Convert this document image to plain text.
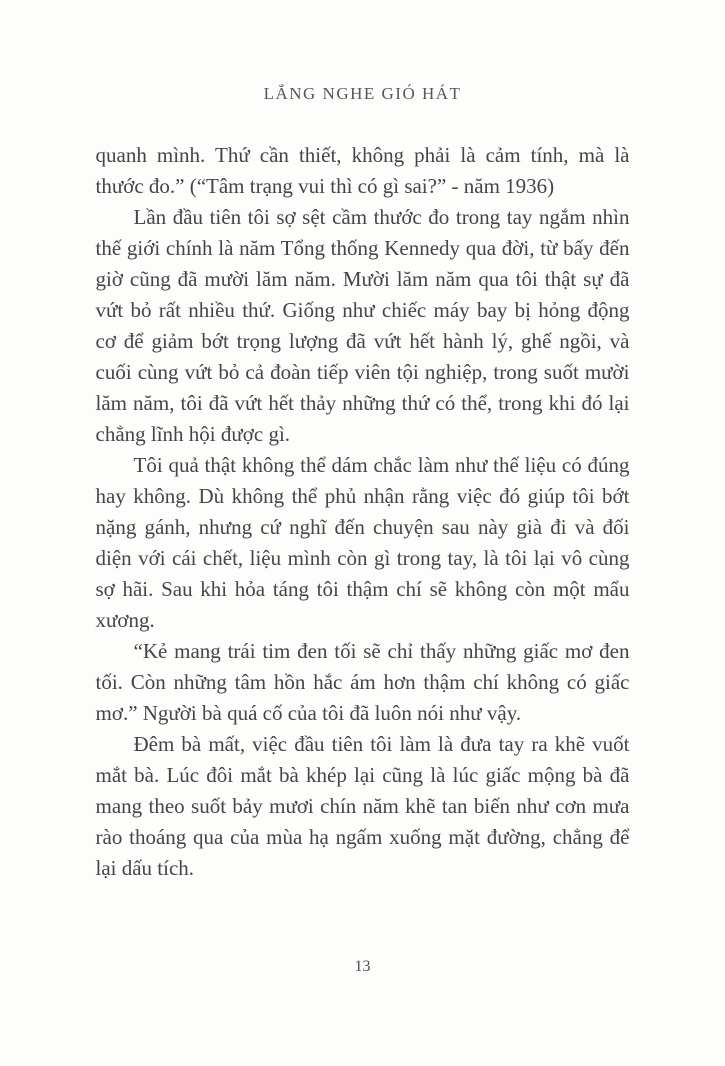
LẮNG NGHE GIÓ HÁT

quanh mình. Thứ cần thiết, không phải là cảm tính, mà là thước đo.” (“Tâm trạng vui thì có gì sai?” - năm 1936)

Lần đầu tiên tôi sợ sệt cầm thước đo trong tay ngắm nhìn thế giới chính là năm Tổng thống Kennedy qua đời, từ bấy đến giờ cũng đã mười lăm năm. Mười lăm năm qua tôi thật sự đã vứt bỏ rất nhiều thứ. Giống như chiếc máy bay bị hỏng động cơ để giảm bớt trọng lượng đã vứt hết hành lý, ghế ngồi, và cuối cùng vứt bỏ cả đoàn tiếp viên tội nghiệp, trong suốt mười lăm năm, tôi đã vứt hết thảy những thứ có thể, trong khi đó lại chẳng lĩnh hội được gì.

Tôi quả thật không thể dám chắc làm như thế liệu có đúng hay không. Dù không thể phủ nhận rằng việc đó giúp tôi bớt nặng gánh, nhưng cứ nghĩ đến chuyện sau này già đi và đối diện với cái chết, liệu mình còn gì trong tay, là tôi lại vô cùng sợ hãi. Sau khi hỏa táng tôi thậm chí sẽ không còn một mẩu xương.

“Kẻ mang trái tim đen tối sẽ chỉ thấy những giấc mơ đen tối. Còn những tâm hồn hắc ám hơn thậm chí không có giấc mơ.” Người bà quá cố của tôi đã luôn nói như vậy.

Đêm bà mất, việc đầu tiên tôi làm là đưa tay ra khẽ vuốt mắt bà. Lúc đôi mắt bà khép lại cũng là lúc giấc mộng bà đã mang theo suốt bảy mươi chín năm khẽ tan biến như cơn mưa rào thoáng qua của mùa hạ ngấm xuống mặt đường, chẳng để lại dấu tích.

13
